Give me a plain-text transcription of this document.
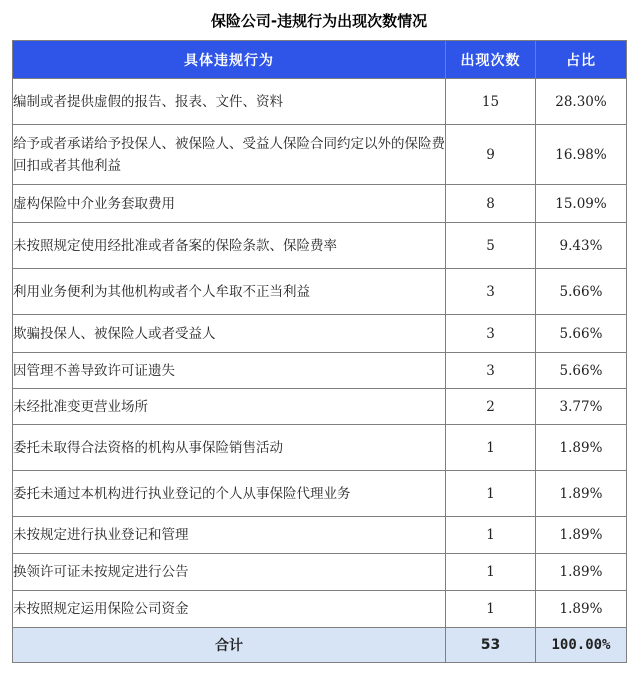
保险公司-违规行为出现次数情况
具体违规行为	出现次数	占比
编制或者提供虚假的报告、报表、文件、资料	15	28.30%
给予或者承诺给予投保人、被保险人、受益人保险合同约定以外的保险费回扣或者其他利益	9	16.98%
虚构保险中介业务套取费用	8	15.09%
未按照规定使用经批准或者备案的保险条款、保险费率	5	9.43%
利用业务便利为其他机构或者个人牟取不正当利益	3	5.66%
欺骗投保人、被保险人或者受益人	3	5.66%
因管理不善导致许可证遗失	3	5.66%
未经批准变更营业场所	2	3.77%
委托未取得合法资格的机构从事保险销售活动	1	1.89%
委托未通过本机构进行执业登记的个人从事保险代理业务	1	1.89%
未按规定进行执业登记和管理	1	1.89%
换领许可证未按规定进行公告	1	1.89%
未按照规定运用保险公司资金	1	1.89%
合计	53	100.00%
